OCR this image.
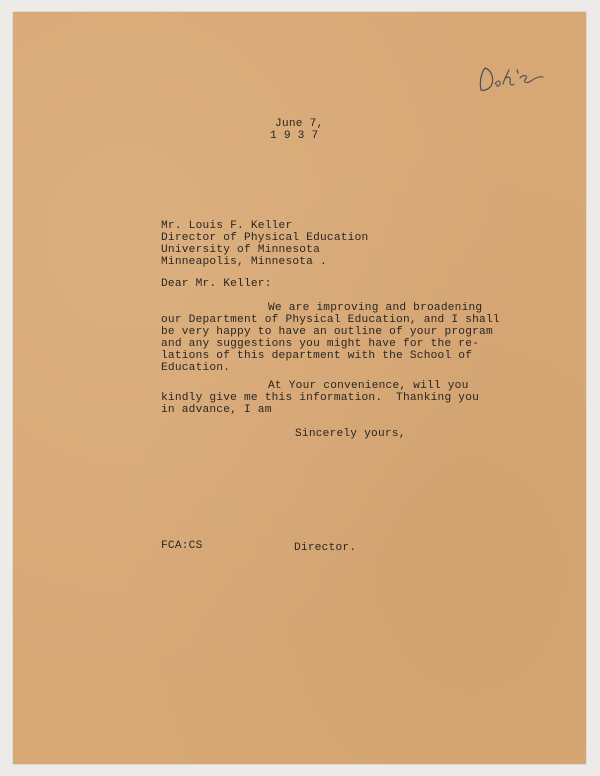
June 7,
1 9 3 7
Mr. Louis F. Keller
Director of Physical Education
University of Minnesota
Minneapolis, Minnesota .
Dear Mr. Keller:
We are improving and broadening
our Department of Physical Education, and I shall
be very happy to have an outline of your program
and any suggestions you might have for the re-
lations of this department with the School of
Education.
At Your convenience, will you
kindly give me this information.  Thanking you
in advance, I am
Sincerely yours,
FCA:CS	Director.
